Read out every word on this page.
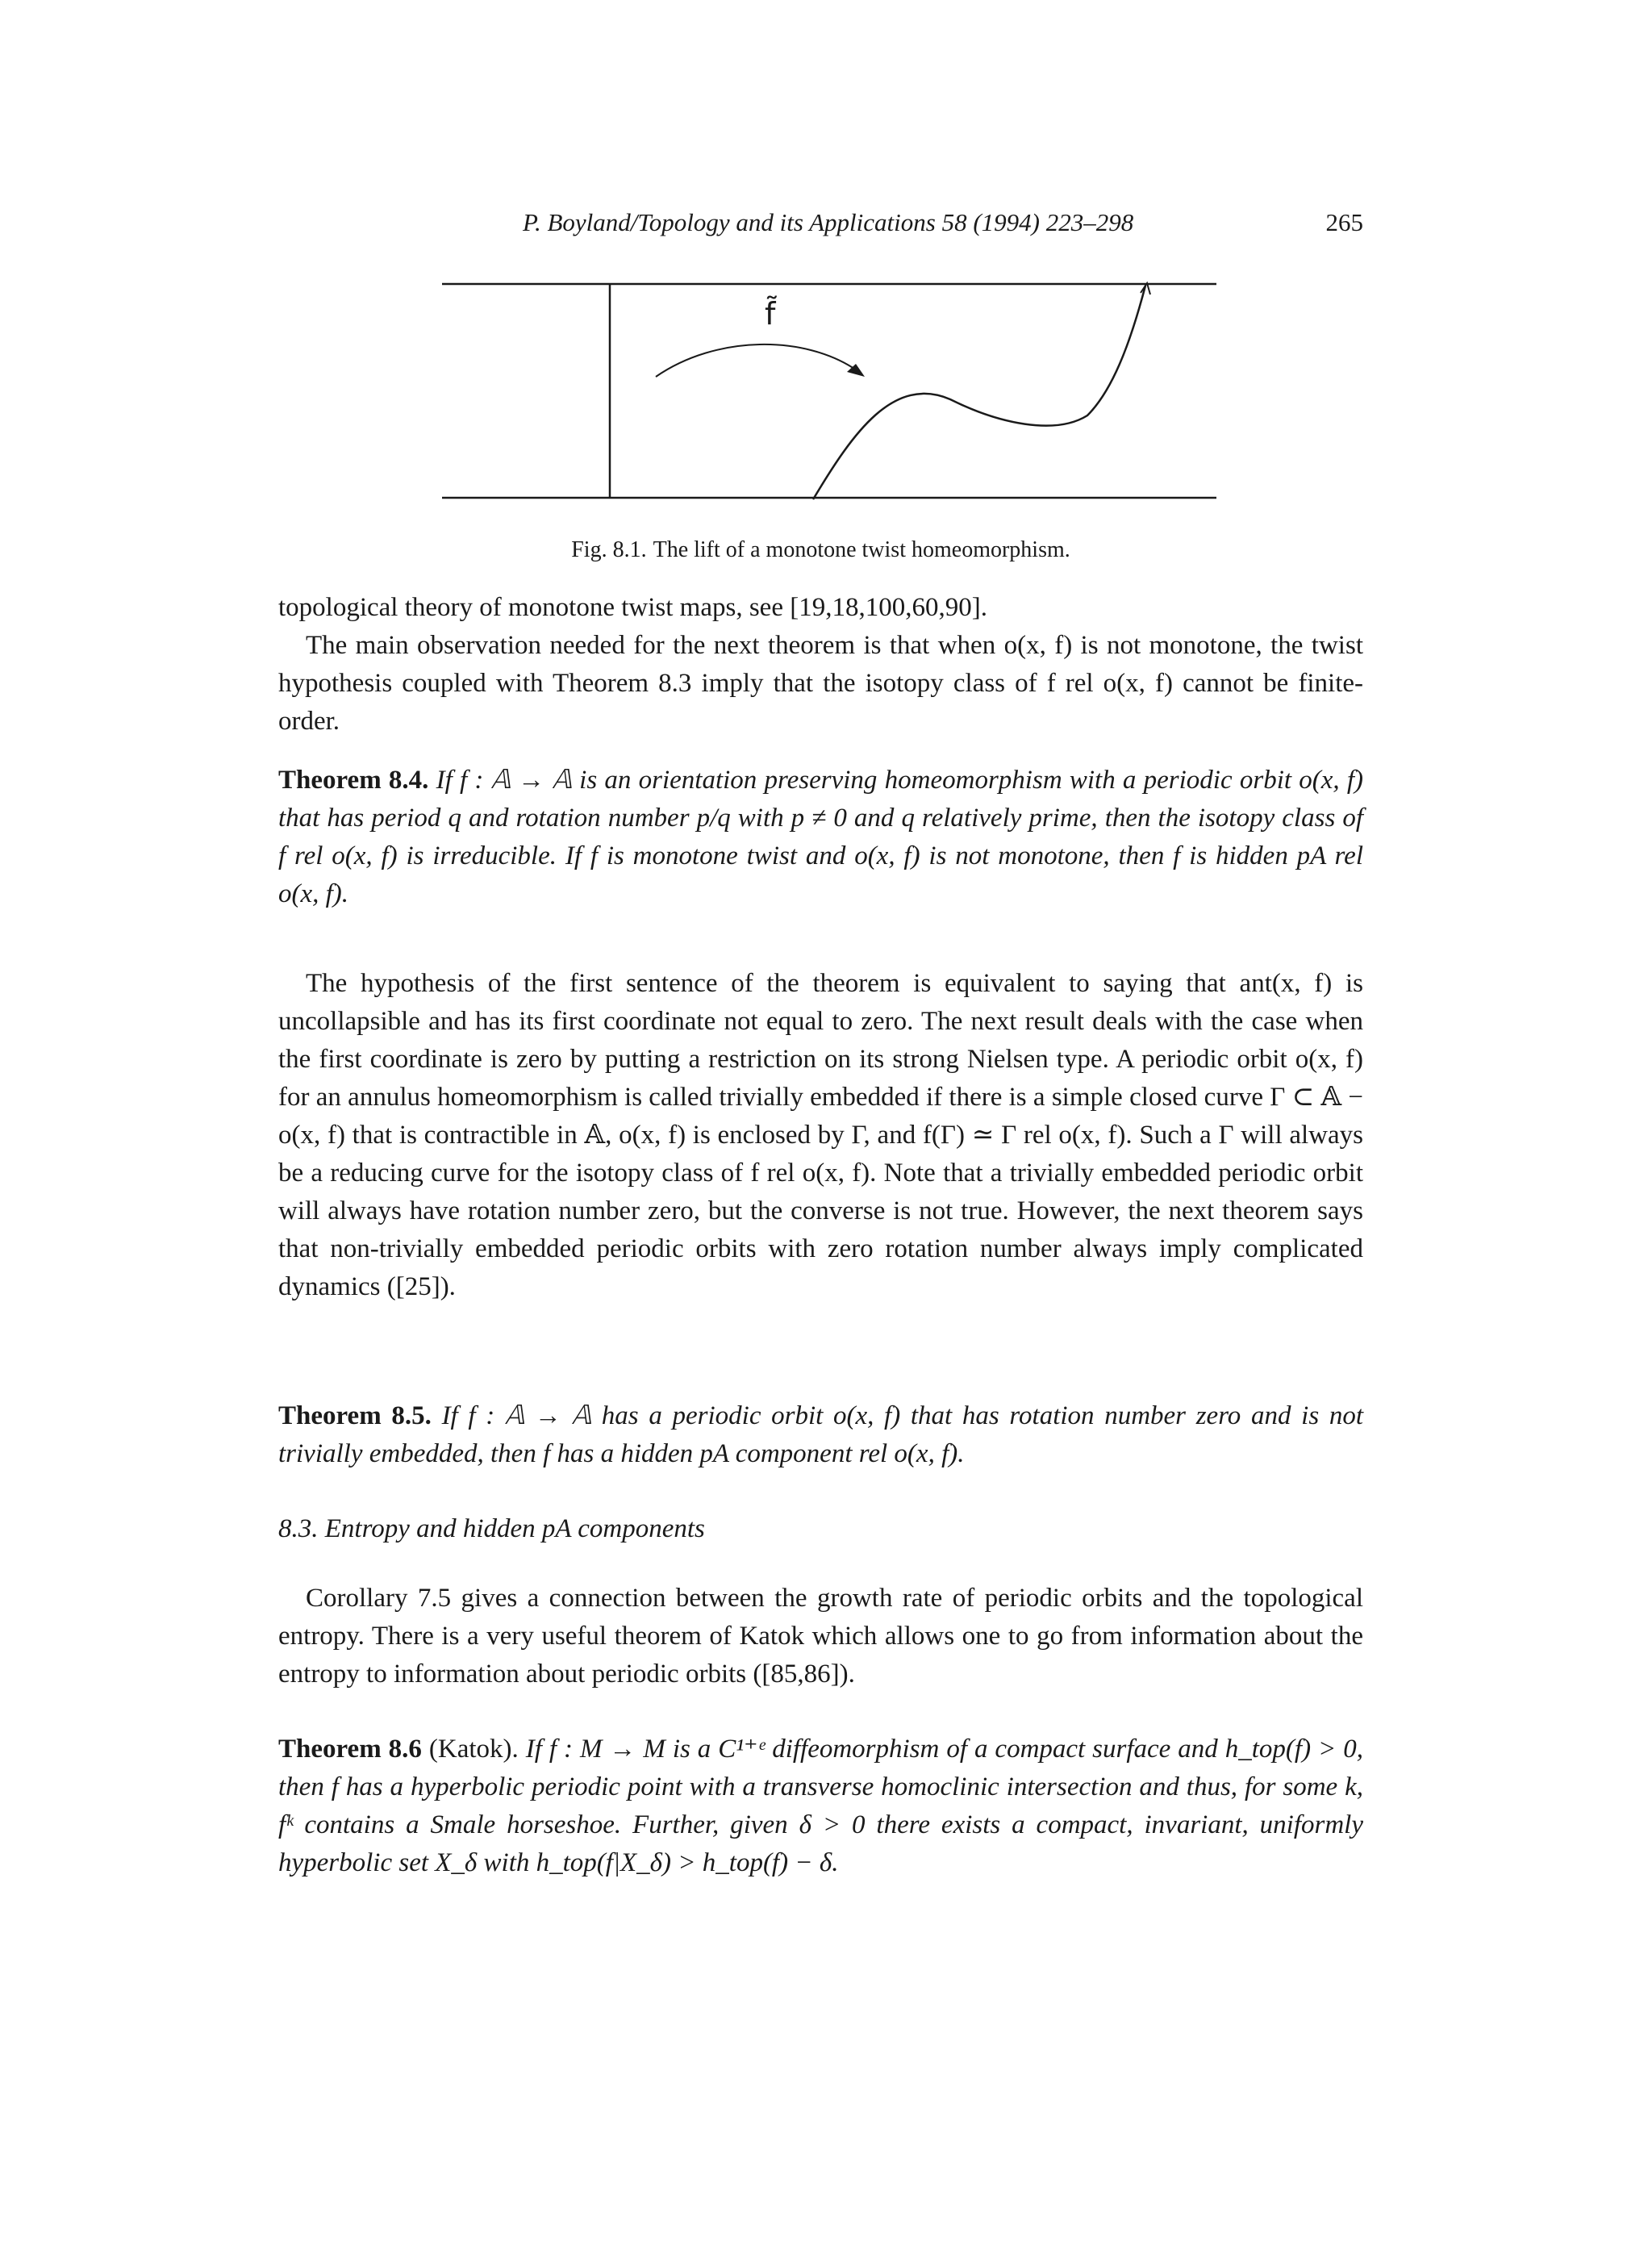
P. Boyland/Topology and its Applications 58 (1994) 223–298	265
f̃
Fig. 8.1. The lift of a monotone twist homeomorphism.

topological theory of monotone twist maps, see [19,18,100,60,90].

The main observation needed for the next theorem is that when o(x, f) is not monotone, the twist hypothesis coupled with Theorem 8.3 imply that the isotopy class of f rel o(x, f) cannot be finite-order.

Theorem 8.4. If f : 𝔸 → 𝔸 is an orientation preserving homeomorphism with a periodic orbit o(x, f) that has period q and rotation number p/q with p ≠ 0 and q relatively prime, then the isotopy class of f rel o(x, f) is irreducible. If f is monotone twist and o(x, f) is not monotone, then f is hidden pA rel o(x, f).

The hypothesis of the first sentence of the theorem is equivalent to saying that ant(x, f) is uncollapsible and has its first coordinate not equal to zero. The next result deals with the case when the first coordinate is zero by putting a restriction on its strong Nielsen type. A periodic orbit o(x, f) for an annulus homeomorphism is called trivially embedded if there is a simple closed curve Γ ⊂ 𝔸 − o(x, f) that is contractible in 𝔸, o(x, f) is enclosed by Γ, and f(Γ) ≃ Γ rel o(x, f). Such a Γ will always be a reducing curve for the isotopy class of f rel o(x, f). Note that a trivially embedded periodic orbit will always have rotation number zero, but the converse is not true. However, the next theorem says that non-trivially embedded periodic orbits with zero rotation number always imply complicated dynamics ([25]).

Theorem 8.5. If f : 𝔸 → 𝔸 has a periodic orbit o(x, f) that has rotation number zero and is not trivially embedded, then f has a hidden pA component rel o(x, f).

8.3. Entropy and hidden pA components

Corollary 7.5 gives a connection between the growth rate of periodic orbits and the topological entropy. There is a very useful theorem of Katok which allows one to go from information about the entropy to information about periodic orbits ([85,86]).

Theorem 8.6 (Katok). If f : M → M is a C¹⁺ᵉ diffeomorphism of a compact surface and h_top(f) > 0, then f has a hyperbolic periodic point with a transverse homoclinic intersection and thus, for some k, fᵏ contains a Smale horseshoe. Further, given δ > 0 there exists a compact, invariant, uniformly hyperbolic set X_δ with h_top(f|X_δ) > h_top(f) − δ.
